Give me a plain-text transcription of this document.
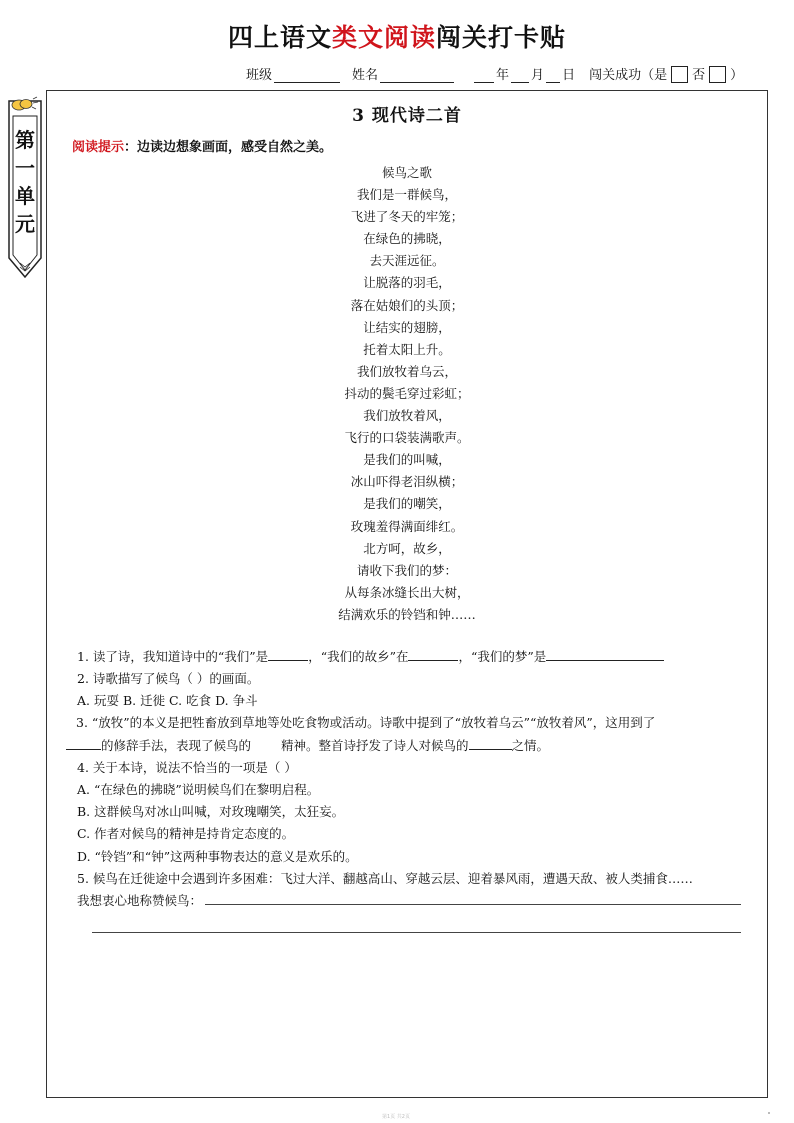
四上语文类文阅读闯关打卡贴
班级	姓名	年 月 日 闯关成功（是 否 ）
第
一
单
元
3 现代诗二首
阅读提示：边读边想象画面，感受自然之美。
候鸟之歌
我们是一群候鸟，
飞进了冬天的牢笼；
在绿色的拂晓，
去天涯远征。
让脱落的羽毛，
落在姑娘们的头顶；
让结实的翅膀，
托着太阳上升。
我们放牧着乌云，
抖动的鬓毛穿过彩虹；
我们放牧着风，
飞行的口袋装满歌声。
是我们的叫喊，
冰山吓得老泪纵横；
是我们的嘲笑，
玫瑰羞得满面绯红。
北方呵，故乡，
请收下我们的梦：
从每条冰缝长出大树，
结满欢乐的铃铛和钟……
1. 读了诗，我知道诗中的“我们”是	，“我们的故乡”在	，“我们的梦”是
2. 诗歌描写了候鸟（ ）的画面。
A. 玩耍 B. 迁徙 C. 吃食 D. 争斗
3. “放牧”的本义是把牲畜放到草地等处吃食物或活动。诗歌中提到了“放牧着乌云”“放牧着风”，这用到了
的修辞手法，表现了候鸟的 精神。整首诗抒发了诗人对候鸟的	之情。
4. 关于本诗，说法不恰当的一项是（ ）
A. “在绿色的拂晓”说明候鸟们在黎明启程。
B. 这群候鸟对冰山叫喊，对玫瑰嘲笑，太狂妄。
C. 作者对候鸟的精神是持肯定态度的。
D. “铃铛”和“钟”这两种事物表达的意义是欢乐的。
5. 候鸟在迁徙途中会遇到许多困难：飞过大洋、翻越高山、穿越云层、迎着暴风雨，遭遇天敌、被人类捕食……
我想衷心地称赞候鸟：
第1页 共2页
